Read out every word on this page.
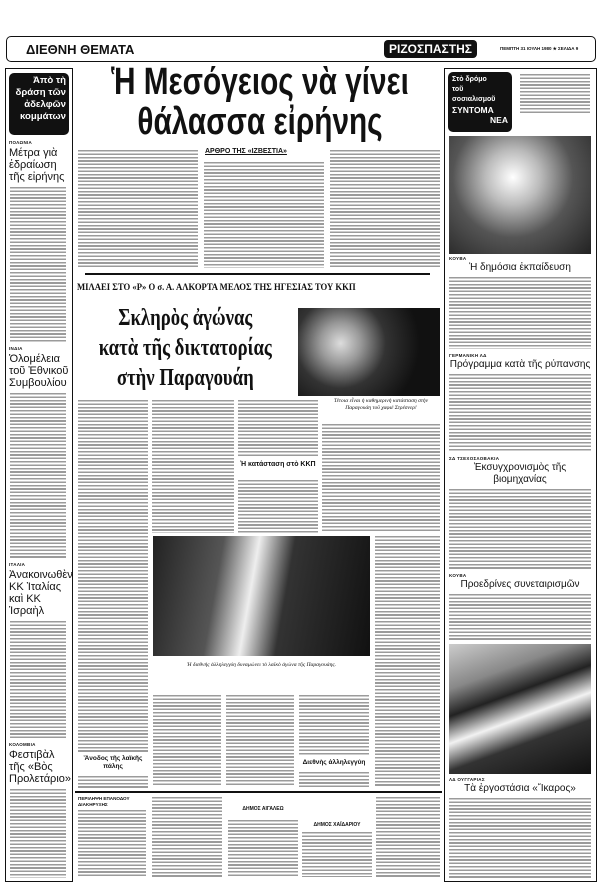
ΔΙΕΘΝΗ ΘΕΜΑΤΑ	ΡΙΖΟΣΠΑΣΤΗΣ	ΠΕΜΠΤΗ 31 ΙΟΥΛΗ 1980 ★ ΣΕΛΙΔΑ 9
Ἀπὸ τὴ δράση τῶν ἀδελφῶν κομμάτων
ΠΟΛΩΝΙΑ
Μέτρα γιὰ ἑδραίωση τῆς εἰρήνης
ΙΝΔΙΑ
Ὀλομέλεια τοῦ Ἐθνικοῦ Συμβουλίου
ΙΤΑΛΙΑ
Ἀνακοινωθὲν ΚΚ Ἰταλίας καὶ ΚΚ Ἰσραὴλ
ΚΟΛΟΜΒΙΑ
Φεστιβὰλ τῆς «Βὸς Προλετάριο»
Ἡ Μεσόγειος νὰ γίνει θάλασσα εἰρήνης
ΑΡΘΡΟ ΤΗΣ «ΙΖΒΕΣΤΙΑ»
ΜΙΛΑΕΙ ΣΤΟ «Ρ» Ο σ. Α. ΑΛΚΟΡΤΑ ΜΕΛΟΣ ΤΗΣ ΗΓΕΣΙΑΣ ΤΟΥ ΚΚΠ
Σκληρὸς ἀγώνας
κατὰ τῆς δικτατορίας
στὴν Παραγουάη
Τέτοια εἶναι ἡ καθημερινὴ κατάσταση στὴν Παραγουάη τοῦ χαφιέ Στρέσνερ!
Ἡ κατάσταση στὸ ΚΚΠ
Ἡ διεθνὴς ἀλληλεγγύη δυναμώνει τὸ λαϊκὸ ἀγώνα τῆς Παραγουάης.
Διεθνὴς ἀλληλεγγύη
Ἄνοδος τῆς λαϊκῆς πάλης
ΠΕΡΙΛΗΨΗ ΕΠΑΝΟΔΟΥ ΔΙΑΚΗΡΥΞΗΣ
ΔΗΜΟΣ ΑΙΓΑΛΕΩ
ΔΗΜΟΣ ΧΑΪΔΑΡΙΟΥ
Στὸ δρόμο
τοῦ
σοσιαλισμοῦ
ΣΥΝΤΟΜΑ
ΝΕΑ
ΚΟΥΒΑ
Ἡ δημόσια ἐκπαίδευση
ΓΕΡΜΑΝΙΚΗ ΛΔ
Πρόγραμμα κατὰ τῆς ρύπανσης
ΣΔ ΤΣΕΧΟΣΛΟΒΑΚΙΑ
Ἐκσυγχρονισμὸς τῆς βιομηχανίας
ΚΟΥΒΑ
Προεδρίνες συνεταιρισμῶν
ΛΔ ΟΥΓΓΑΡΙΑΣ
Τὰ ἐργοστάσια «Ἴκαρος»
